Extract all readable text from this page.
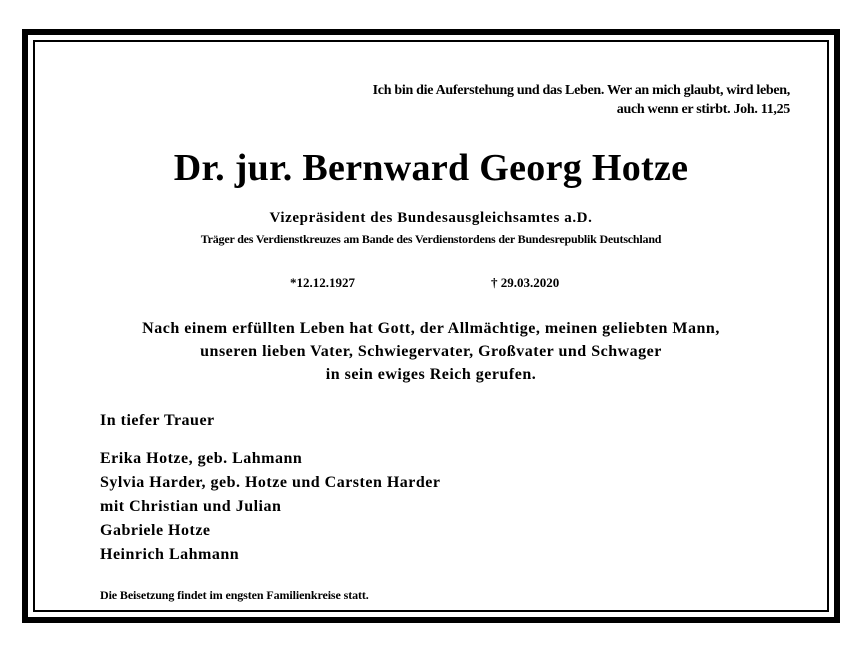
Ich bin die Auferstehung und das Leben. Wer an mich glaubt, wird leben,
auch wenn er stirbt. Joh. 11,25

Dr. jur. Bernward Georg Hotze

Vizepräsident des Bundesausgleichsamtes a.D.

Träger des Verdienstkreuzes am Bande des Verdienstordens der Bundesrepublik Deutschland

*12.12.1927	† 29.03.2020

Nach einem erfüllten Leben hat Gott, der Allmächtige, meinen geliebten Mann,
unseren lieben Vater, Schwiegervater, Großvater und Schwager
in sein ewiges Reich gerufen.

In tiefer Trauer

Erika Hotze, geb. Lahmann
Sylvia Harder, geb. Hotze und Carsten Harder
mit Christian und Julian
Gabriele Hotze
Heinrich Lahmann

Die Beisetzung findet im engsten Familienkreise statt.
